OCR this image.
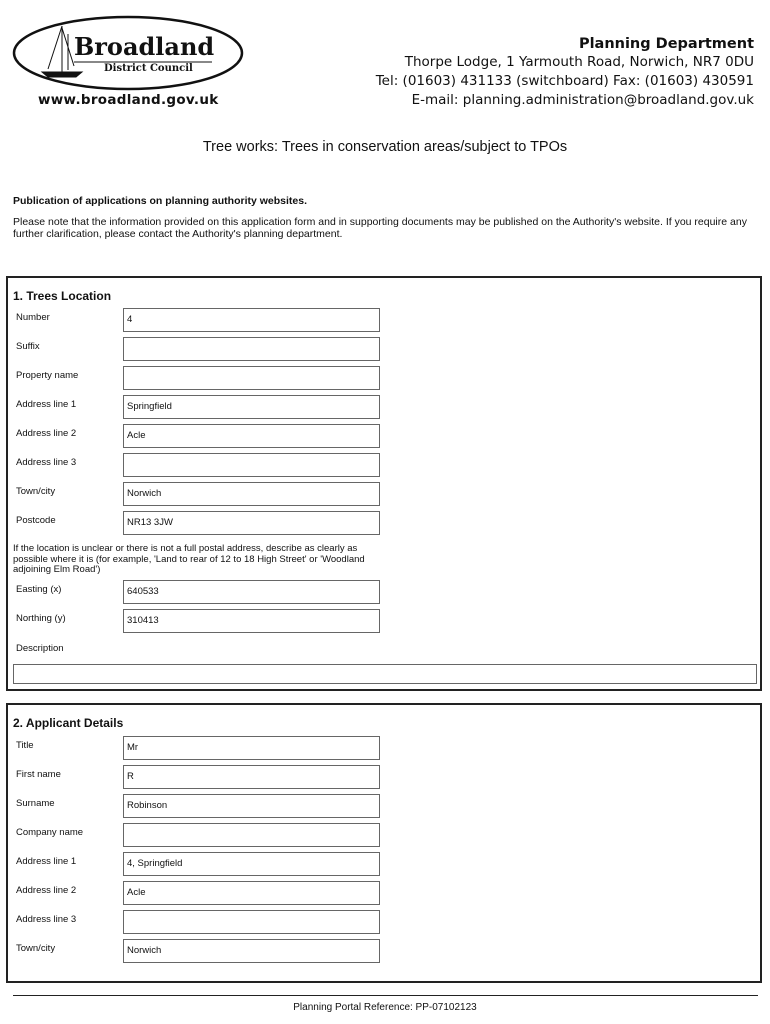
Broadland
District Council
www.broadland.gov.uk
Planning Department
Thorpe Lodge, 1 Yarmouth Road, Norwich, NR7 0DU
Tel: (01603) 431133 (switchboard) Fax: (01603) 430591
E-mail: planning.administration@broadland.gov.uk
Tree works: Trees in conservation areas/subject to TPOs
Publication of applications on planning authority websites.
Please note that the information provided on this application form and in supporting documents may be published on the Authority's website. If you require any further clarification, please contact the Authority's planning department.
1. Trees Location
Number	4
Suffix
Property name
Address line 1	Springfield
Address line 2	Acle
Address line 3
Town/city	Norwich
Postcode	NR13 3JW
If the location is unclear or there is not a full postal address, describe as clearly as possible where it is (for example, 'Land to rear of 12 to 18 High Street' or 'Woodland adjoining Elm Road')
Easting (x)	640533
Northing (y)	310413
Description
2. Applicant Details
Title	Mr
First name	R
Surname	Robinson
Company name
Address line 1	4, Springfield
Address line 2	Acle
Address line 3
Town/city	Norwich
Planning Portal Reference: PP-07102123
